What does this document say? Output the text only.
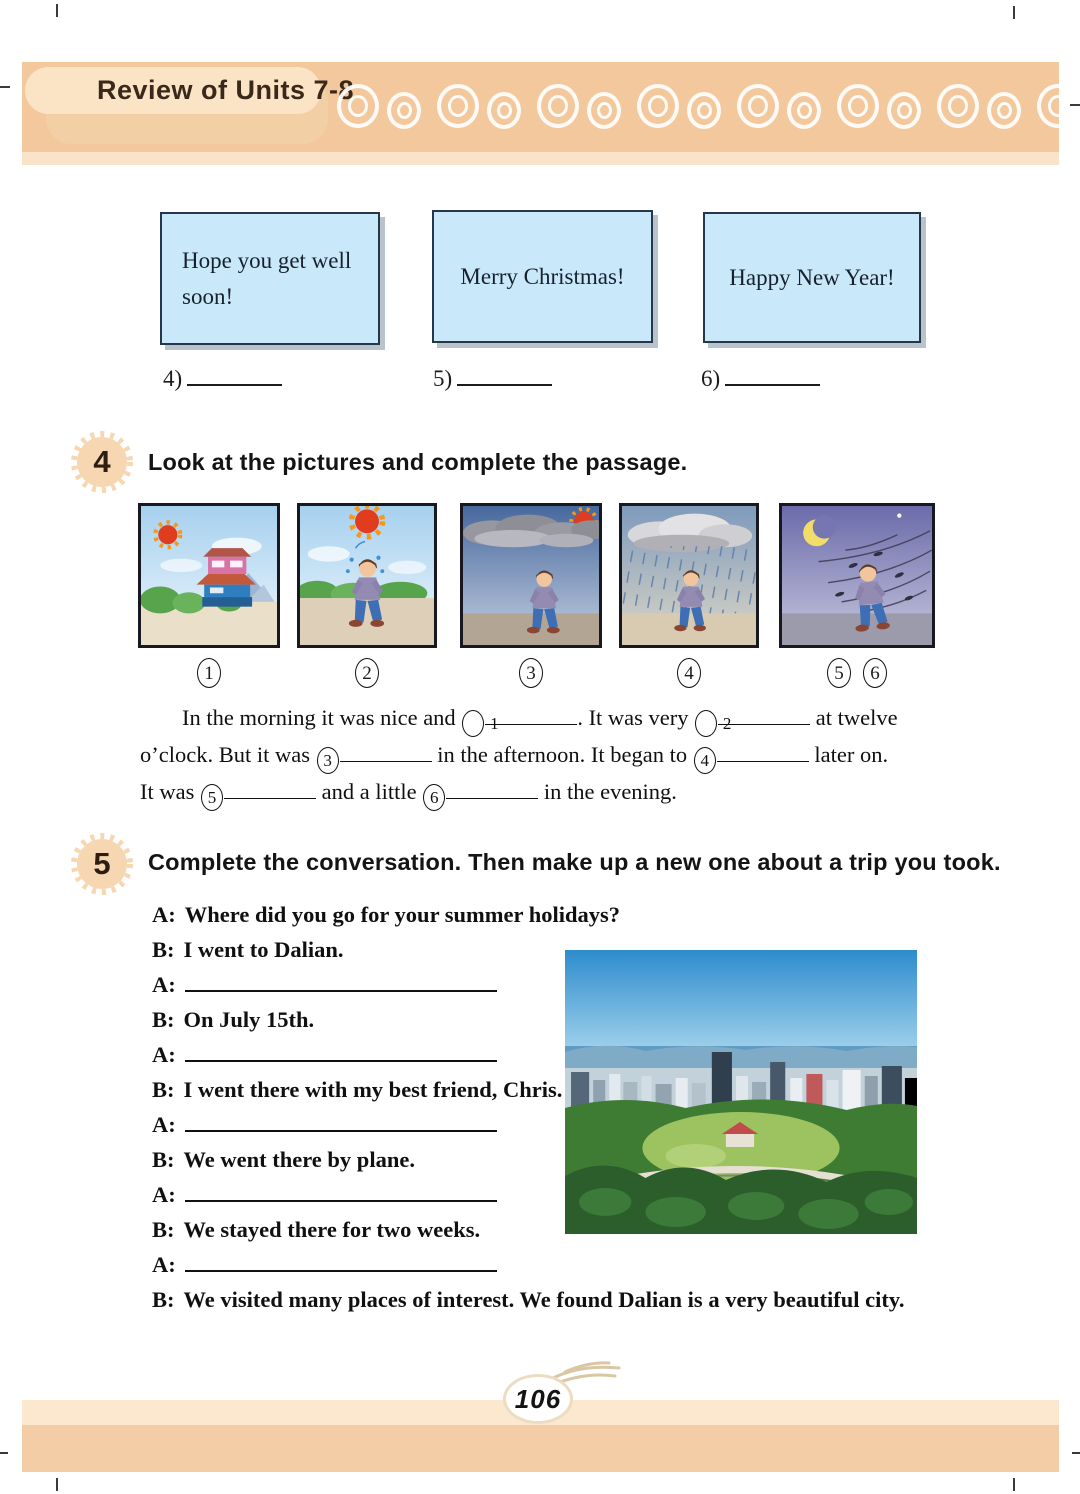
Review of Units 7-8
Hope you get well soon!
Merry Christmas!	Happy New Year!
4)	5)	6)
4	Look at the pictures and complete the passage.
1	2	3	4	5	6
In the morning it was nice and 1	. It was very 2	at twelve
o’clock. But it was 3	in the afternoon. It began to 4	later on.
It was 5	and a little 6	in the evening.
5	Complete the conversation. Then make up a new one about a trip you took.
A: Where did you go for your summer holidays?
B: I went to Dalian.
A:
B: On July 15th.
A:
B: I went there with my best friend, Chris.
A:
B: We went there by plane.
A:
B: We stayed there for two weeks.
A:
B: We visited many places of interest. We found Dalian is a very beautiful city.
106
